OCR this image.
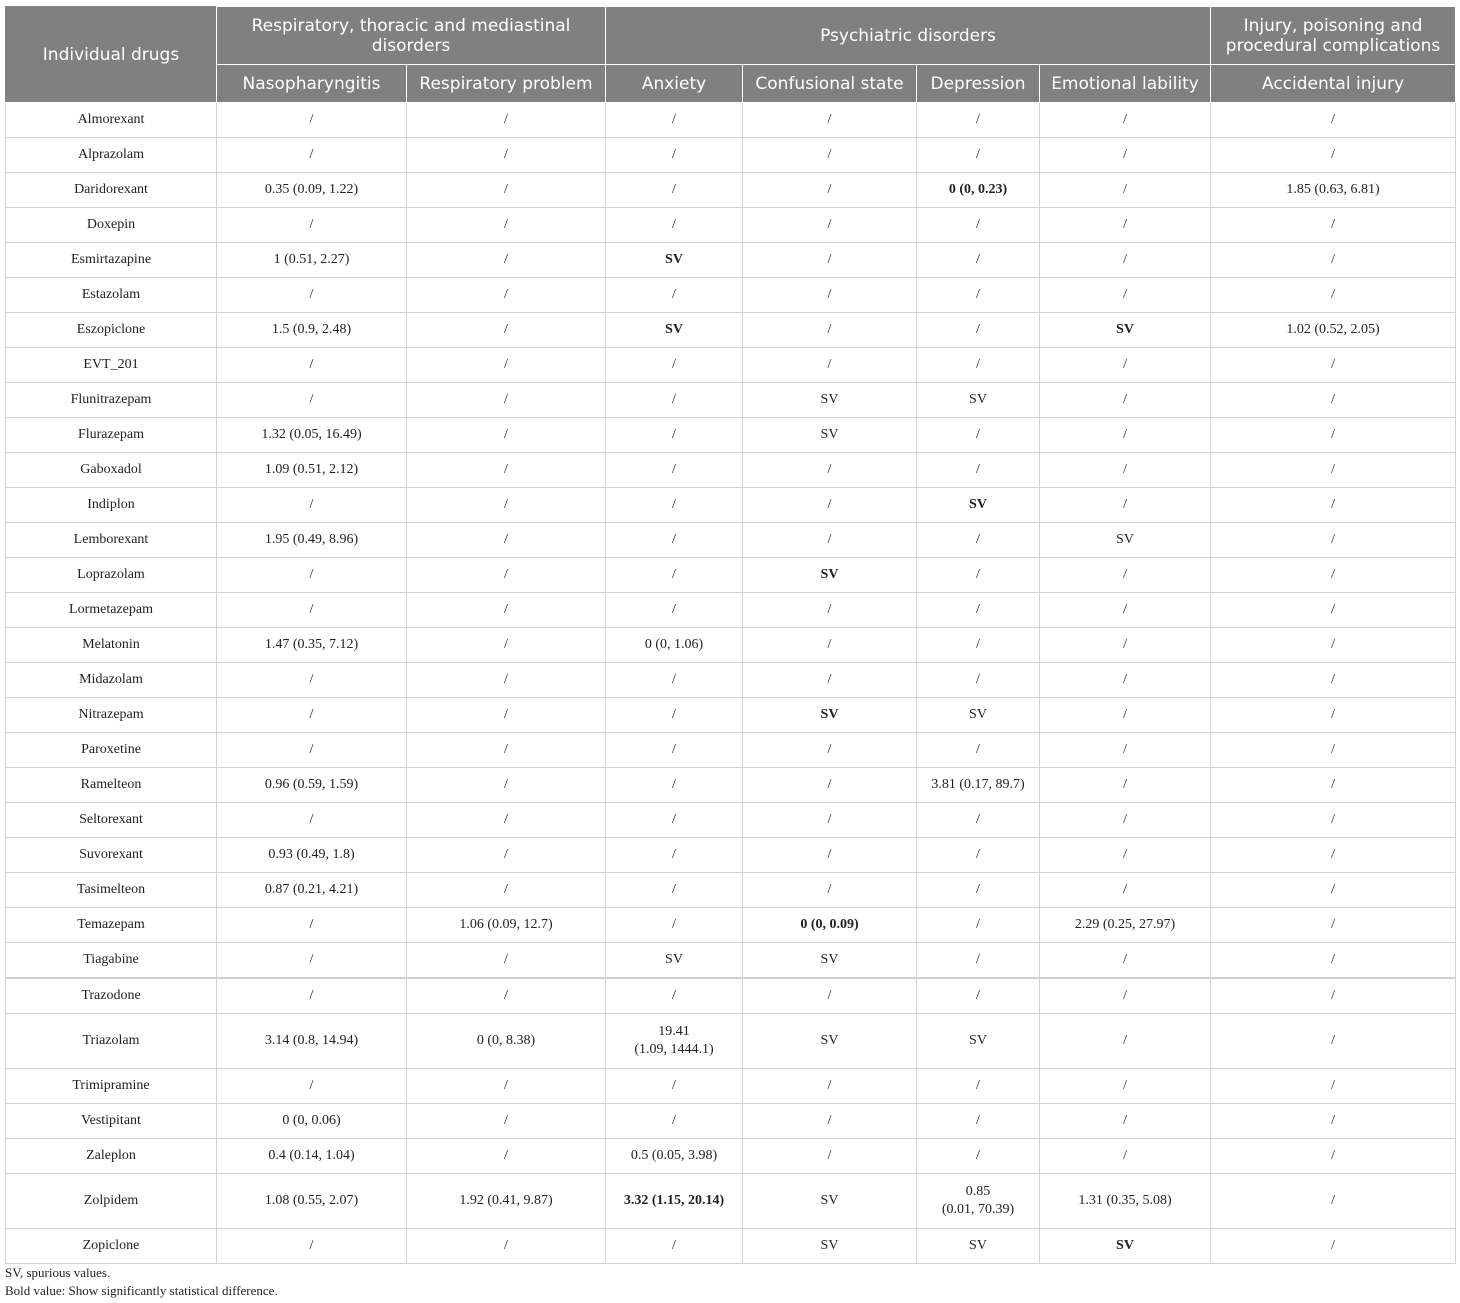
Individual drugs	Respiratory, thoracic and mediastinal disorders		Psychiatric disorders				Injury, poisoning and procedural complications
	Nasopharyngitis	Respiratory problem	Anxiety	Confusional state	Depression	Emotional lability	Accidental injury
Almorexant	/	/	/	/	/	/	/
Alprazolam	/	/	/	/	/	/	/
Daridorexant	0.35 (0.09, 1.22)	/	/	/	0 (0, 0.23)	/	1.85 (0.63, 6.81)
Doxepin	/	/	/	/	/	/	/
Esmirtazapine	1 (0.51, 2.27)	/	SV	/	/	/	/
Estazolam	/	/	/	/	/	/	/
Eszopiclone	1.5 (0.9, 2.48)	/	SV	/	/	SV	1.02 (0.52, 2.05)
EVT_201	/	/	/	/	/	/	/
Flunitrazepam	/	/	/	SV	SV	/	/
Flurazepam	1.32 (0.05, 16.49)	/	/	SV	/	/	/
Gaboxadol	1.09 (0.51, 2.12)	/	/	/	/	/	/
Indiplon	/	/	/	/	SV	/	/
Lemborexant	1.95 (0.49, 8.96)	/	/	/	/	SV	/
Loprazolam	/	/	/	SV	/	/	/
Lormetazepam	/	/	/	/	/	/	/
Melatonin	1.47 (0.35, 7.12)	/	0 (0, 1.06)	/	/	/	/
Midazolam	/	/	/	/	/	/	/
Nitrazepam	/	/	/	SV	SV	/	/
Paroxetine	/	/	/	/	/	/	/
Ramelteon	0.96 (0.59, 1.59)	/	/	/	3.81 (0.17, 89.7)	/	/
Seltorexant	/	/	/	/	/	/	/
Suvorexant	0.93 (0.49, 1.8)	/	/	/	/	/	/
Tasimelteon	0.87 (0.21, 4.21)	/	/	/	/	/	/
Temazepam	/	1.06 (0.09, 12.7)	/	0 (0, 0.09)	/	2.29 (0.25, 27.97)	/
Tiagabine	/	/	SV	SV	/	/	/
Trazodone	/	/	/	/	/	/	/
Triazolam	3.14 (0.8, 14.94)	0 (0, 8.38)	19.41
(1.09, 1444.1)	SV	SV	/	/
Trimipramine	/	/	/	/	/	/	/
Vestipitant	0 (0, 0.06)	/	/	/	/	/	/
Zaleplon	0.4 (0.14, 1.04)	/	0.5 (0.05, 3.98)	/	/	/	/
Zolpidem	1.08 (0.55, 2.07)	1.92 (0.41, 9.87)	3.32 (1.15, 20.14)	SV	0.85
(0.01, 70.39)	1.31 (0.35, 5.08)	/
Zopiclone	/	/	/	SV	SV	SV	/
SV, spurious values.
Bold value: Show significantly statistical difference.
